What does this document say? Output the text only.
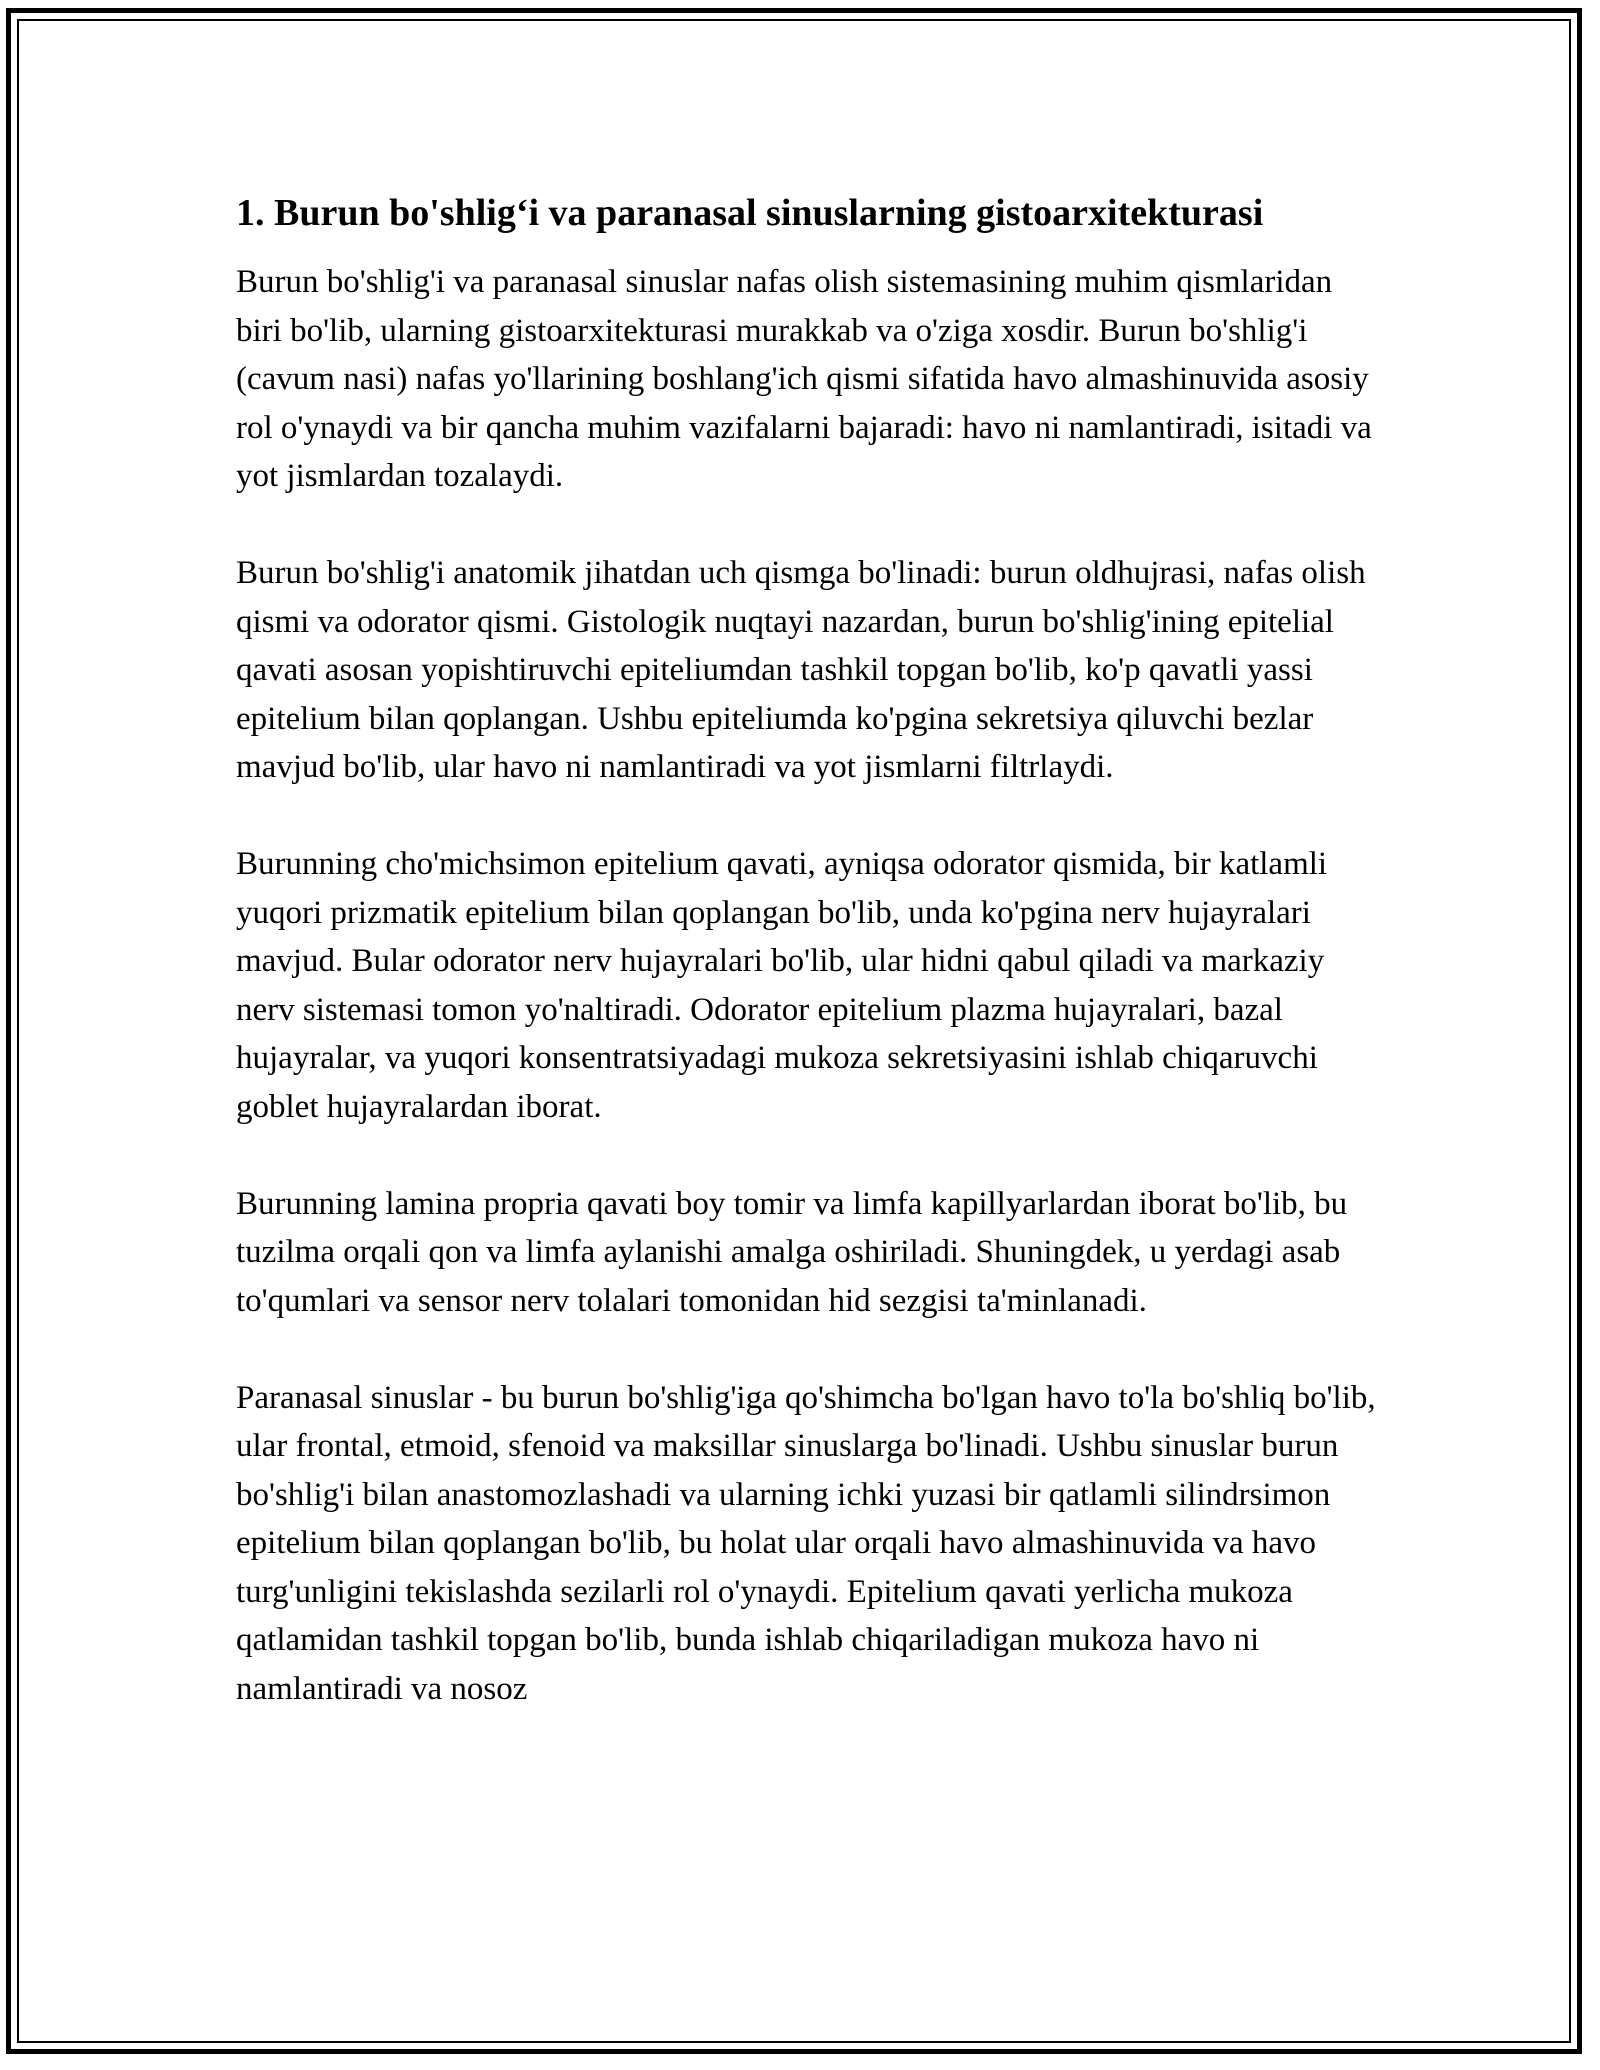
1. Burun bo'shlig‘i va paranasal sinuslarning gistoarxitekturasi

Burun bo'shlig'i va paranasal sinuslar nafas olish sistemasining muhim qismlaridan biri bo'lib, ularning gistoarxitekturasi murakkab va o'ziga xosdir. Burun bo'shlig'i (cavum nasi) nafas yo'llarining boshlang'ich qismi sifatida havo almashinuvida asosiy rol o'ynaydi va bir qancha muhim vazifalarni bajaradi: havo ni namlantiradi, isitadi va yot jismlardan tozalaydi.

Burun bo'shlig'i anatomik jihatdan uch qismga bo'linadi: burun oldhujrasi, nafas olish qismi va odorator qismi. Gistologik nuqtayi nazardan, burun bo'shlig'ining epitelial qavati asosan yopishtiruvchi epiteliumdan tashkil topgan bo'lib, ko'p qavatli yassi epitelium bilan qoplangan. Ushbu epiteliumda ko'pgina sekretsiya qiluvchi bezlar mavjud bo'lib, ular havo ni namlantiradi va yot jismlarni filtrlaydi.

Burunning cho'michsimon epitelium qavati, ayniqsa odorator qismida, bir katlamli yuqori prizmatik epitelium bilan qoplangan bo'lib, unda ko'pgina nerv hujayralari mavjud. Bular odorator nerv hujayralari bo'lib, ular hidni qabul qiladi va markaziy nerv sistemasi tomon yo'naltiradi. Odorator epitelium plazma hujayralari, bazal hujayralar, va yuqori konsentratsiyadagi mukoza sekretsiyasini ishlab chiqaruvchi goblet hujayralardan iborat.

Burunning lamina propria qavati boy tomir va limfa kapillyarlardan iborat bo'lib, bu tuzilma orqali qon va limfa aylanishi amalga oshiriladi. Shuningdek, u yerdagi asab to'qumlari va sensor nerv tolalari tomonidan hid sezgisi ta'minlanadi.

Paranasal sinuslar - bu burun bo'shlig'iga qo'shimcha bo'lgan havo to'la bo'shliq bo'lib, ular frontal, etmoid, sfenoid va maksillar sinuslarga bo'linadi. Ushbu sinuslar burun bo'shlig'i bilan anastomozlashadi va ularning ichki yuzasi bir qatlamli silindrsimon epitelium bilan qoplangan bo'lib, bu holat ular orqali havo almashinuvida va havo turg'unligini tekislashda sezilarli rol o'ynaydi. Epitelium qavati yerlicha mukoza qatlamidan tashkil topgan bo'lib, bunda ishlab chiqariladigan mukoza havo ni namlantiradi va nosoz
